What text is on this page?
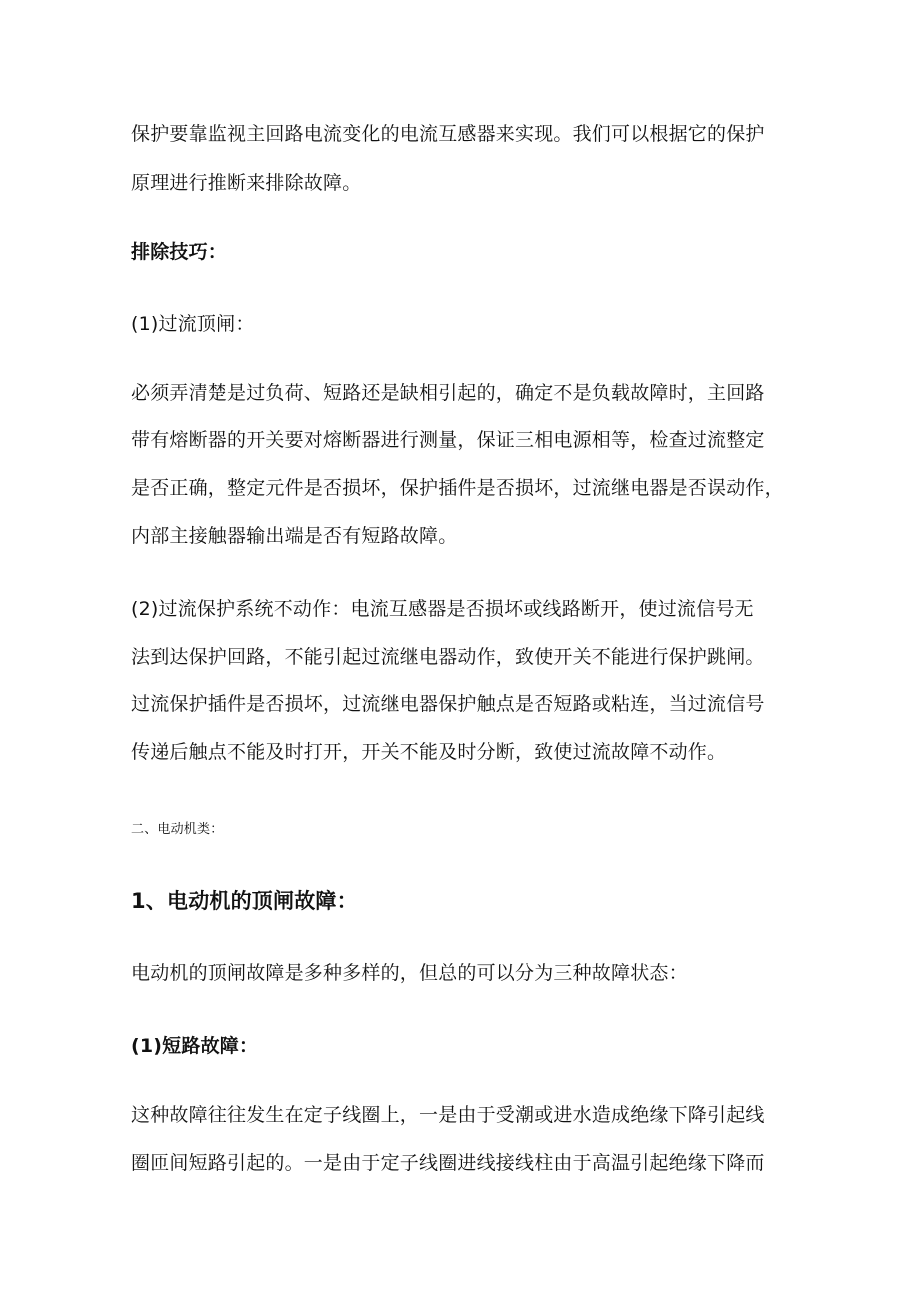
保护要靠监视主回路电流变化的电流互感器来实现。我们可以根据它的保护
原理进行推断来排除故障。
排除技巧：
(1)过流顶闸：
必须弄清楚是过负荷、短路还是缺相引起的，确定不是负载故障时，主回路
带有熔断器的开关要对熔断器进行测量，保证三相电源相等，检查过流整定
是否正确，整定元件是否损坏，保护插件是否损坏，过流继电器是否误动作，
内部主接触器输出端是否有短路故障。
(2)过流保护系统不动作：电流互感器是否损坏或线路断开，使过流信号无
法到达保护回路，不能引起过流继电器动作，致使开关不能进行保护跳闸。
过流保护插件是否损坏，过流继电器保护触点是否短路或粘连，当过流信号
传递后触点不能及时打开，开关不能及时分断，致使过流故障不动作。
二、电动机类：
1、电动机的顶闸故障：
电动机的顶闸故障是多种多样的，但总的可以分为三种故障状态：
(1)短路故障：
这种故障往往发生在定子线圈上，一是由于受潮或进水造成绝缘下降引起线
圈匝间短路引起的。一是由于定子线圈进线接线柱由于高温引起绝缘下降而
